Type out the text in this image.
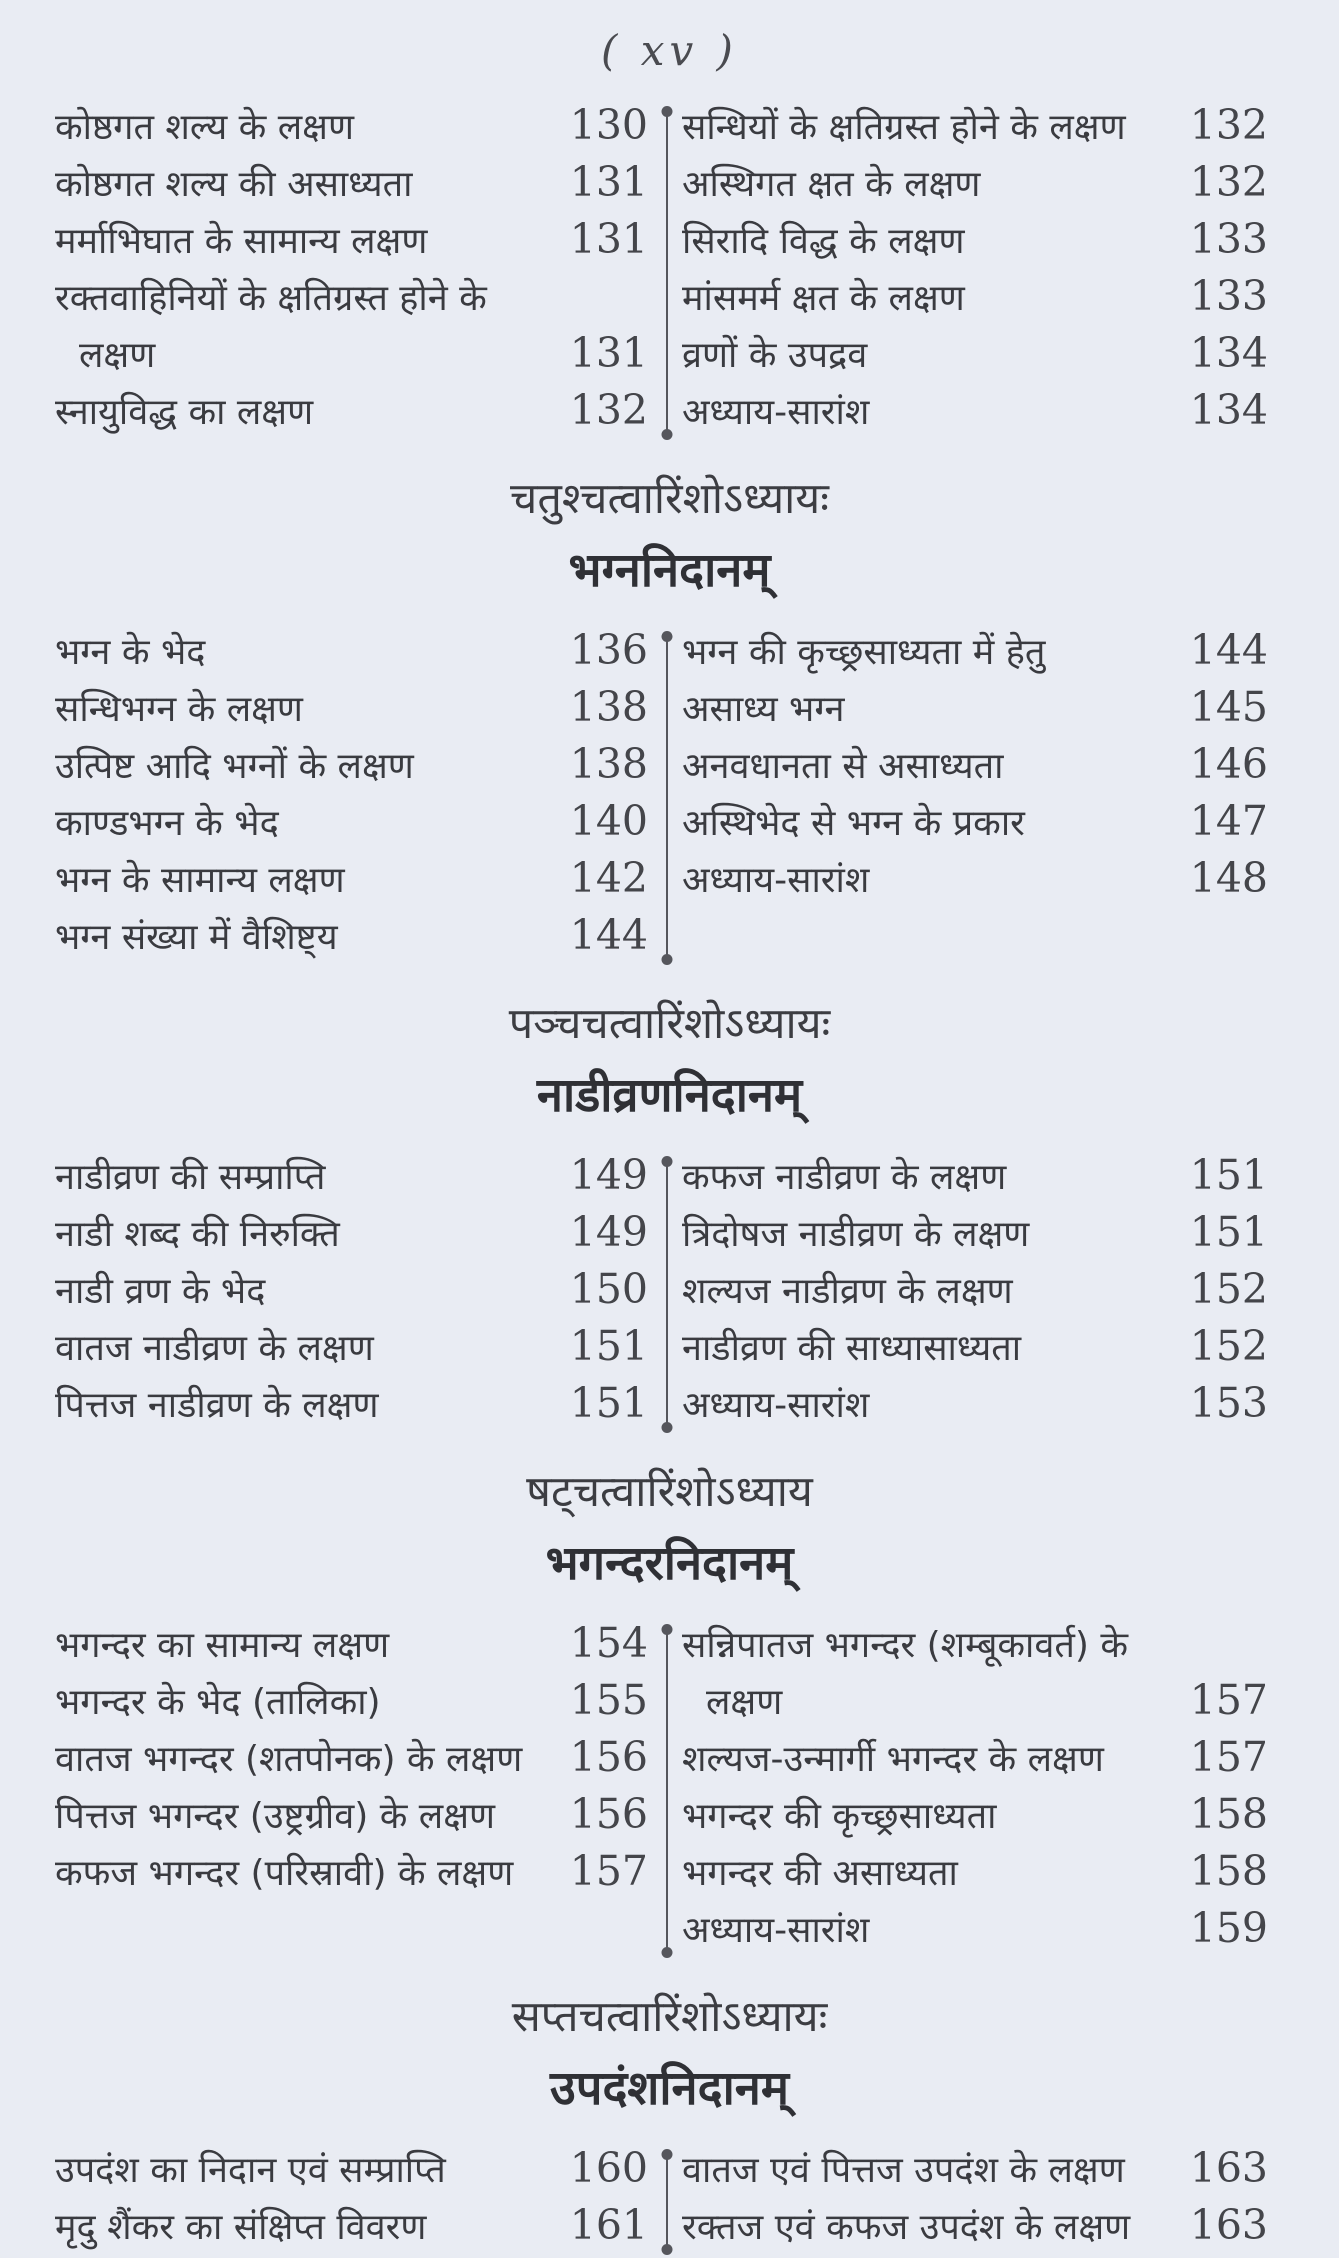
( xv )
कोष्ठगत शल्य के लक्षण	130
कोष्ठगत शल्य की असाध्यता	131
मर्माभिघात के सामान्य लक्षण	131
रक्तवाहिनियों के क्षतिग्रस्त होने के
लक्षण	131
स्नायुविद्ध का लक्षण	132
सन्धियों के क्षतिग्रस्त होने के लक्षण 132
अस्थिगत क्षत के लक्षण	132
सिरादि विद्ध के लक्षण	133
मांसमर्म क्षत के लक्षण	133
व्रणों के उपद्रव	134
अध्याय-सारांश	134
चतुश्चत्वारिंशोऽध्यायः
भग्ननिदानम्
भग्न के भेद	136
सन्धिभग्न के लक्षण	138
उत्पिष्ट आदि भग्नों के लक्षण	138
काण्डभग्न के भेद	140
भग्न के सामान्य लक्षण	142
भग्न संख्या में वैशिष्ट्य	144
भग्न की कृच्छ्रसाध्यता में हेतु	144
असाध्य भग्न	145
अनवधानता से असाध्यता	146
अस्थिभेद से भग्न के प्रकार	147
अध्याय-सारांश	148
पञ्चचत्वारिंशोऽध्यायः
नाडीव्रणनिदानम्
नाडीव्रण की सम्प्राप्ति	149
नाडी शब्द की निरुक्ति	149
नाडी व्रण के भेद	150
वातज नाडीव्रण के लक्षण	151
पित्तज नाडीव्रण के लक्षण	151
कफज नाडीव्रण के लक्षण	151
त्रिदोषज नाडीव्रण के लक्षण	151
शल्यज नाडीव्रण के लक्षण	152
नाडीव्रण की साध्यासाध्यता	152
अध्याय-सारांश	153
षट्चत्वारिंशोऽध्याय
भगन्दरनिदानम्
भगन्दर का सामान्य लक्षण	154
भगन्दर के भेद (तालिका)	155
वातज भगन्दर (शतपोनक) के लक्षण 156
पित्तज भगन्दर (उष्ट्रग्रीव) के लक्षण 156
कफज भगन्दर (परिस्रावी) के लक्षण 157
सन्निपातज भगन्दर (शम्बूकावर्त) के
लक्षण	157
शल्यज-उन्मार्गी भगन्दर के लक्षण 157
भगन्दर की कृच्छ्रसाध्यता	158
भगन्दर की असाध्यता	158
अध्याय-सारांश	159
सप्तचत्वारिंशोऽध्यायः
उपदंशनिदानम्
उपदंश का निदान एवं सम्प्राप्ति	160
मृदु शैंकर का संक्षिप्त विवरण	161
वातज एवं पित्तज उपदंश के लक्षण 163
रक्तज एवं कफज उपदंश के लक्षण 163
